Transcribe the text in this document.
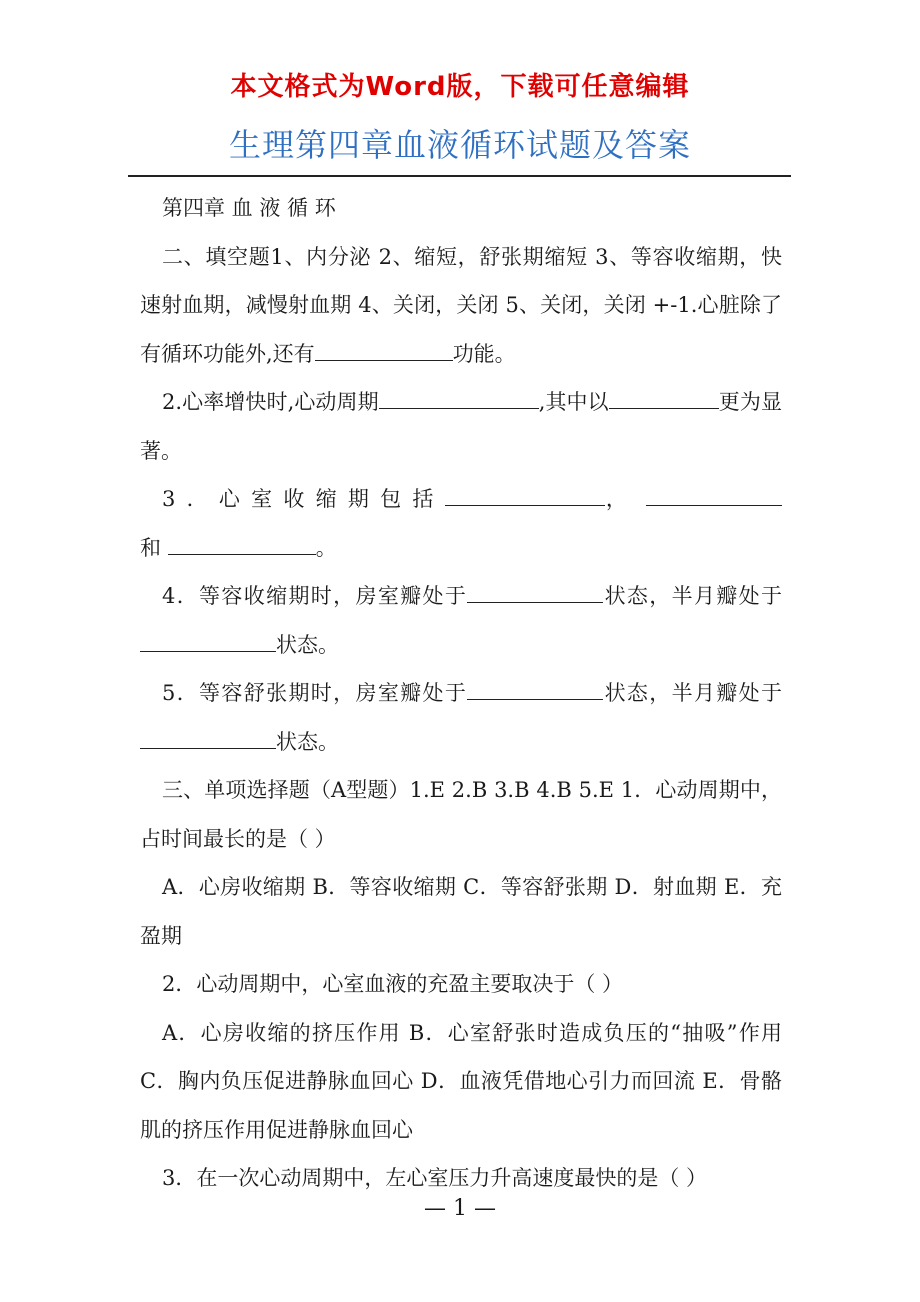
本文格式为Word版，下载可任意编辑
生理第四章血液循环试题及答案

第四章 血 液 循 环

二、填空题1、内分泌 2、缩短，舒张期缩短 3、等容收缩期，快速射血期，减慢射血期 4、关闭，关闭 5、关闭，关闭 +-1.心脏除了有循环功能外,还有	功能。

2.心率增快时,心动周期	,其中以	更为显著。

3．心室收缩期包括	，  和	。

4．等容收缩期时，房室瓣处于	状态，半月瓣处于状态。

5．等容舒张期时，房室瓣处于	状态，半月瓣处于状态。

三、单项选择题（A型题）1.E 2.B 3.B 4.B 5.E 1．心动周期中，占时间最长的是（ ）

A．心房收缩期 B．等容收缩期 C．等容舒张期 D．射血期 E．充盈期

2．心动周期中，心室血液的充盈主要取决于（ ）

A．心房收缩的挤压作用 B．心室舒张时造成负压的“抽吸”作用 C．胸内负压促进静脉血回心 D．血液凭借地心引力而回流 E．骨骼肌的挤压作用促进静脉血回心

3．在一次心动周期中，左心室压力升高速度最快的是（ ）

— 1 —
